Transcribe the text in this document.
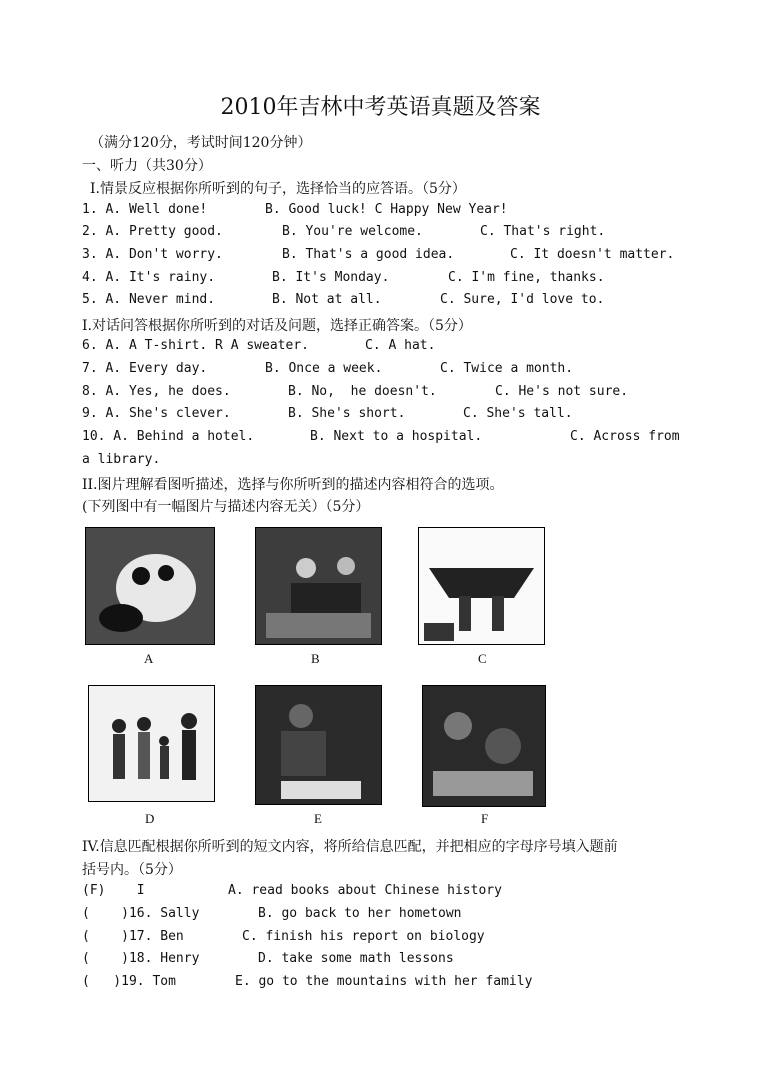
2010年吉林中考英语真题及答案
（满分120分，考试时间120分钟）
一、听力（共30分）
I.情景反应根据你所听到的句子，选择恰当的应答语。（5分）
1. A. Well done!	B. Good luck! C Happy New Year!
2. A. Pretty good.	B. You're welcome.	C. That's right.
3. A. Don't worry.	B. That's a good idea.	C. It doesn't matter.
4. A. It's rainy.	B. It's Monday.	C. I'm fine, thanks.
5. A. Never mind.	B. Not at all.	C. Sure, I'd love to.
I.对话问答根据你所听到的对话及问题，选择正确答案。（5分）
6. A. A T-shirt. R A sweater.	C. A hat.
7. A. Every day.	B. Once a week.	C. Twice a month.
8. A. Yes, he does.	B. No,  he doesn't.	C. He's not sure.
9. A. She's clever.	B. She's short.	C. She's tall.
10. A. Behind a hotel.	B. Next to a hospital.	C. Across from
a library.
II.图片理解看图听描述，选择与你所听到的描述内容相符合的选项。
(下列图中有一幅图片与描述内容无关）（5分）
A	B	C
D	E	F
IV.信息匹配根据你所听到的短文内容，将所给信息匹配，并把相应的字母序号填入题前
括号内。（5分）
(F)    I	A. read books about Chinese history
(    )16. Sally	B. go back to her hometown
(    )17. Ben	C. finish his report on biology
(    )18. Henry	D. take some math lessons
(   )19. Tom	E. go to the mountains with her family
